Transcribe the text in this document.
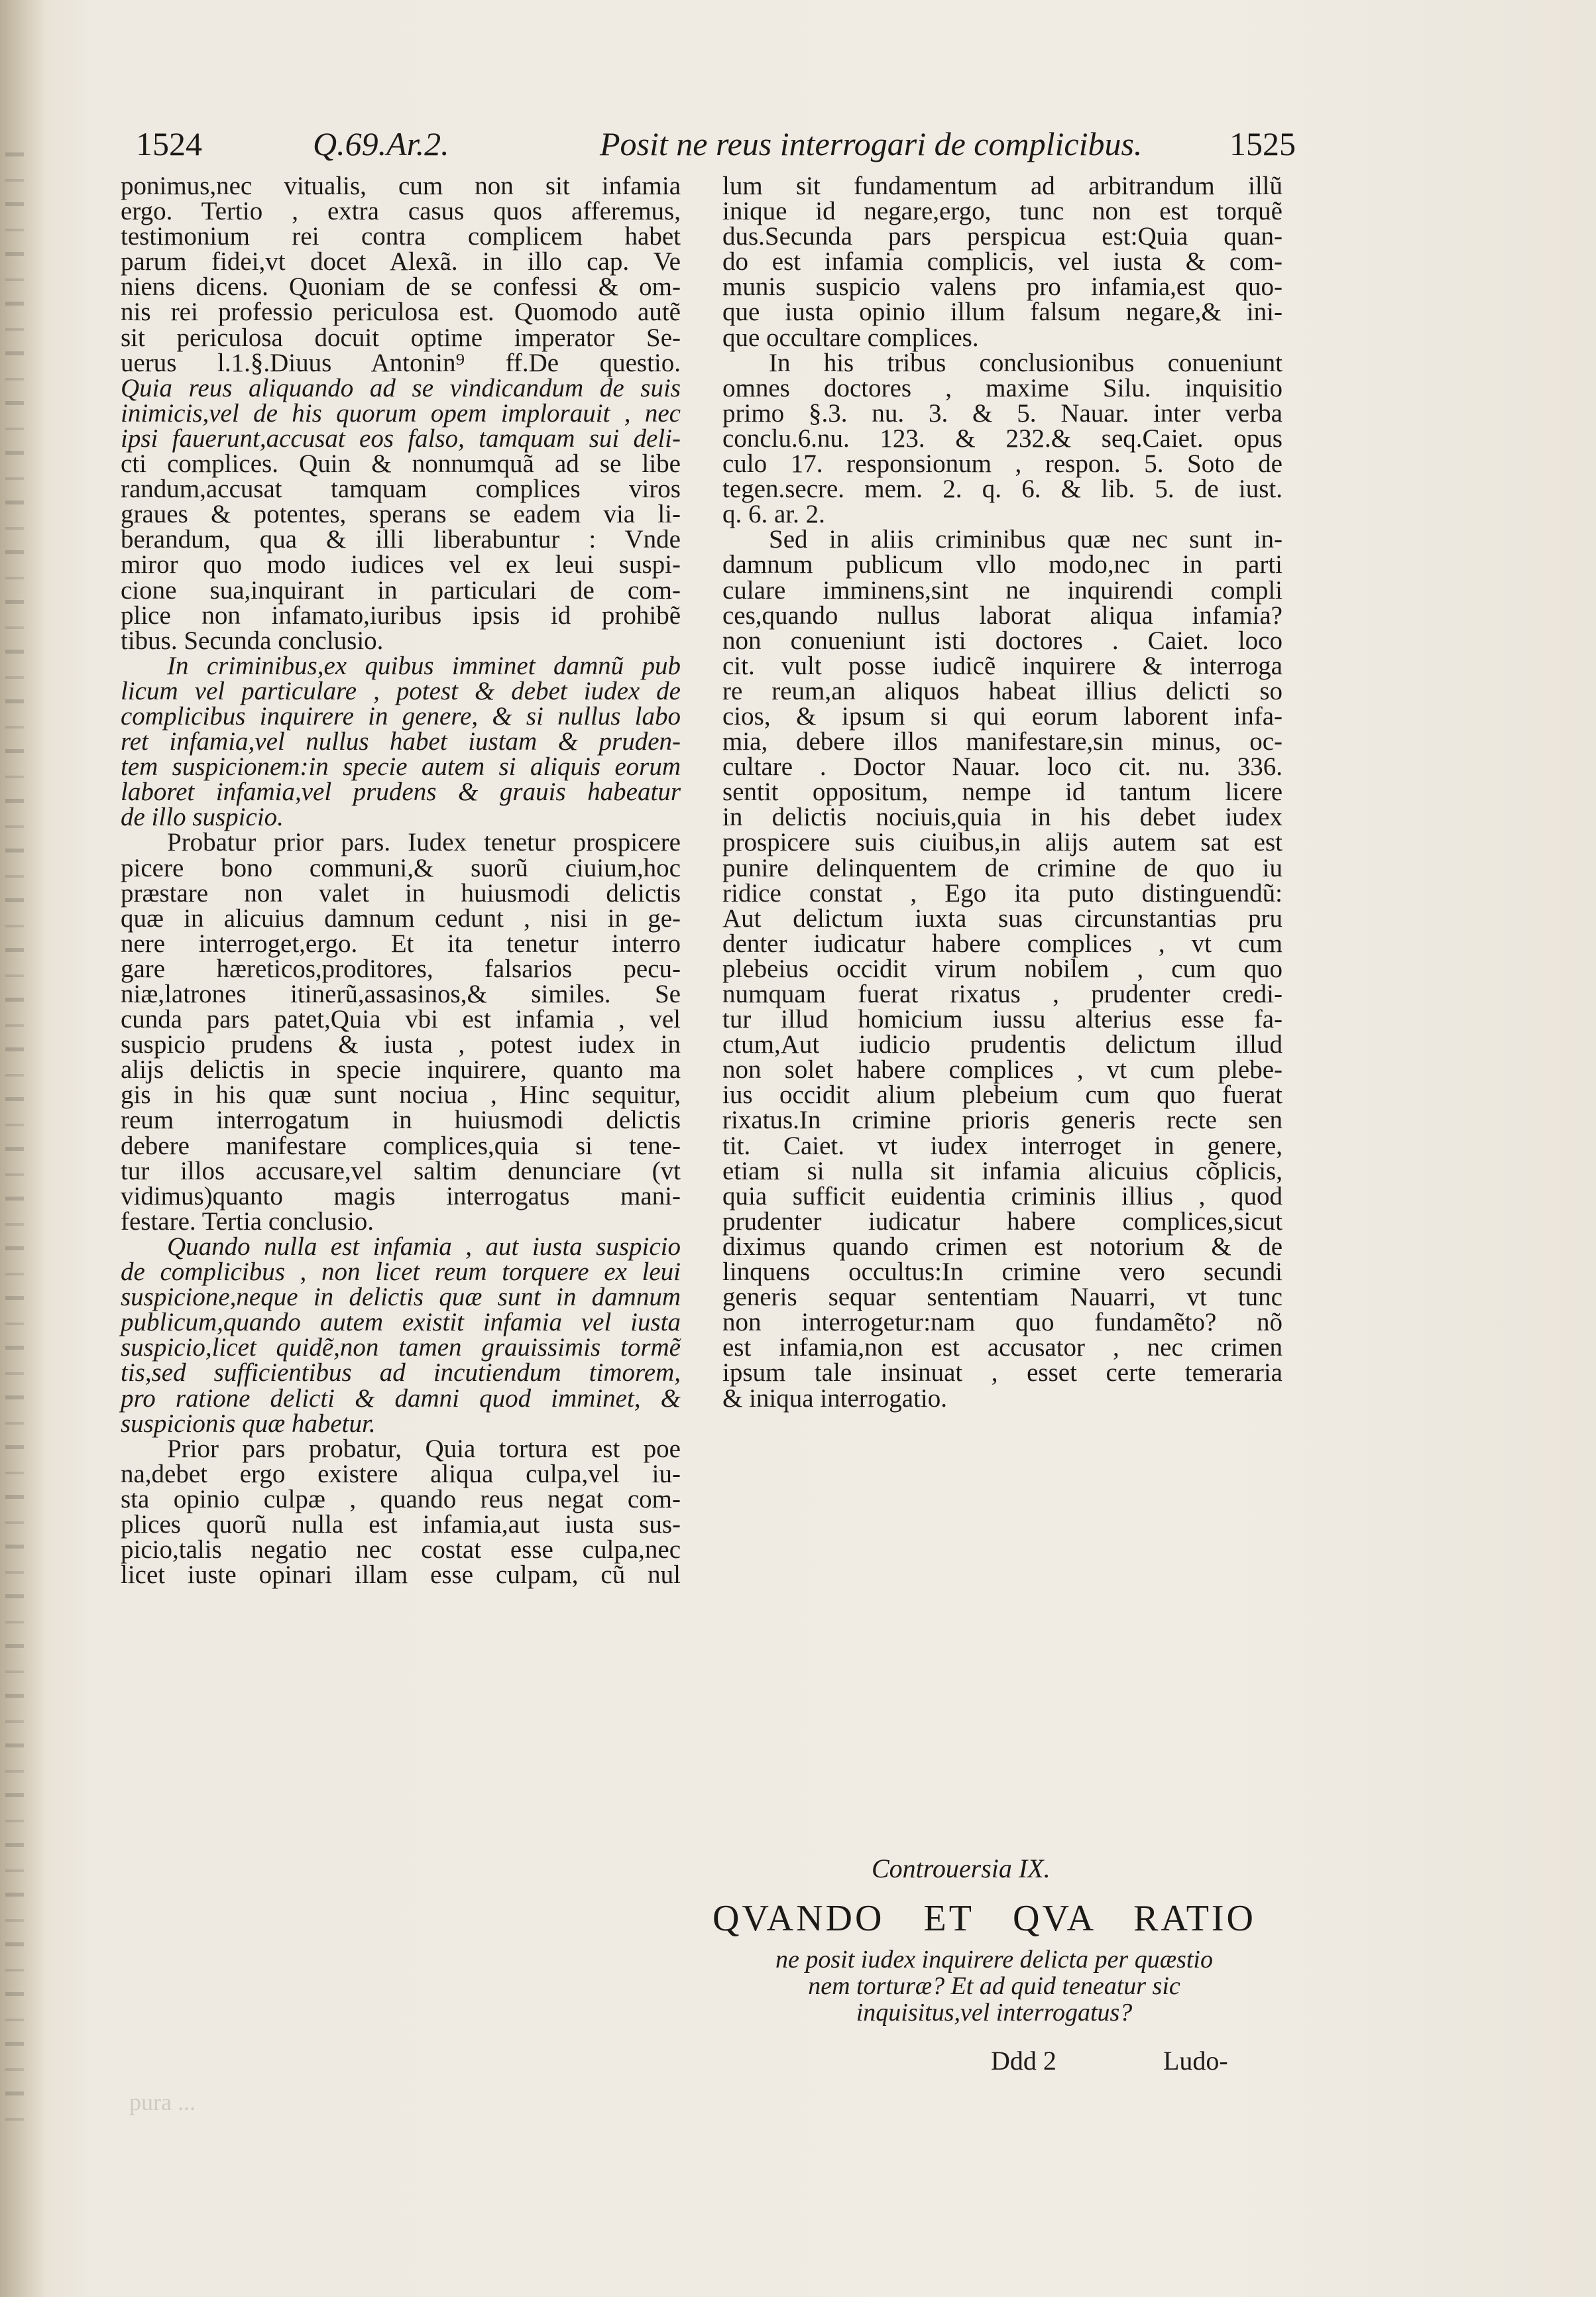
1524	Q.69.Ar.2.	Posit ne reus interrogari de complicibus.	1525
ponimus,nec vitualis, cum non sit infamia
ergo. Tertio , extra casus quos afferemus,
testimonium rei contra complicem habet
parum fidei,vt docet Alexã. in illo cap. Ve
niens dicens. Quoniam de se confessi & om-
nis rei professio periculosa est. Quomodo autẽ
sit periculosa docuit optime imperator Se-
uerus l.1.§.Diuus Antonin⁹ ff.De questio.
Quia reus aliquando ad se vindicandum de suis
inimicis,vel de his quorum opem implorauit , nec
ipsi fauerunt,accusat eos falso, tamquam sui deli-
cti complices. Quin & nonnumquã ad se libe
randum,accusat tamquam complices viros
graues & potentes, sperans se eadem via li-
berandum, qua & illi liberabuntur : Vnde
miror quo modo iudices vel ex leui suspi-
cione sua,inquirant in particulari de com-
plice non infamato,iuribus ipsis id prohibẽ
tibus. Secunda conclusio.
In criminibus,ex quibus imminet damnũ pub
licum vel particulare , potest & debet iudex de
complicibus inquirere in genere, & si nullus labo
ret infamia,vel nullus habet iustam & pruden-
tem suspicionem:in specie autem si aliquis eorum
laboret infamia,vel prudens & grauis habeatur
de illo suspicio.
Probatur prior pars. Iudex tenetur prospicere
picere bono communi,& suorũ ciuium,hoc
præstare non valet in huiusmodi delictis
quæ in alicuius damnum cedunt , nisi in ge-
nere interroget,ergo. Et ita tenetur interro
gare hæreticos,proditores, falsarios pecu-
niæ,latrones itinerũ,assasinos,& similes. Se
cunda pars patet,Quia vbi est infamia , vel
suspicio prudens & iusta , potest iudex in
alijs delictis in specie inquirere, quanto ma
gis in his quæ sunt nociua , Hinc sequitur,
reum interrogatum in huiusmodi delictis
debere manifestare complices,quia si tene-
tur illos accusare,vel saltim denunciare (vt
vidimus)quanto magis interrogatus mani-
festare. Tertia conclusio.
Quando nulla est infamia , aut iusta suspicio
de complicibus , non licet reum torquere ex leui
suspicione,neque in delictis quæ sunt in damnum
publicum,quando autem existit infamia vel iusta
suspicio,licet quidẽ,non tamen grauissimis tormẽ
tis,sed sufficientibus ad incutiendum timorem,
pro ratione delicti & damni quod imminet, &
suspicionis quæ habetur.
Prior pars probatur, Quia tortura est poe
na,debet ergo existere aliqua culpa,vel iu-
sta opinio culpæ , quando reus negat com-
plices quorũ nulla est infamia,aut iusta sus-
picio,talis negatio nec costat esse culpa,nec
licet iuste opinari illam esse culpam, cũ nul
lum sit fundamentum ad arbitrandum illũ
inique id negare,ergo, tunc non est torquẽ
dus.Secunda pars perspicua est:Quia quan-
do est infamia complicis, vel iusta & com-
munis suspicio valens pro infamia,est quo-
que iusta opinio illum falsum negare,& ini-
que occultare complices.
In his tribus conclusionibus conueniunt
omnes doctores , maxime Silu. inquisitio
primo §.3. nu. 3. & 5. Nauar. inter verba
conclu.6.nu. 123. & 232.& seq.Caiet. opus
culo 17. responsionum , respon. 5. Soto de
tegen.secre. mem. 2. q. 6. & lib. 5. de iust.
q. 6. ar. 2.
Sed in aliis criminibus quæ nec sunt in-
damnum publicum vllo modo,nec in parti
culare imminens,sint ne inquirendi compli
ces,quando nullus laborat aliqua infamia?
non conueniunt isti doctores . Caiet. loco
cit. vult posse iudicẽ inquirere & interroga
re reum,an aliquos habeat illius delicti so
cios, & ipsum si qui eorum laborent infa-
mia, debere illos manifestare,sin minus, oc-
cultare . Doctor Nauar. loco cit. nu. 336.
sentit oppositum, nempe id tantum licere
in delictis nociuis,quia in his debet iudex
prospicere suis ciuibus,in alijs autem sat est
punire delinquentem de crimine de quo iu
ridice constat , Ego ita puto distinguendũ:
Aut delictum iuxta suas circunstantias pru
denter iudicatur habere complices , vt cum
plebeius occidit virum nobilem , cum quo
numquam fuerat rixatus , prudenter credi-
tur illud homicium iussu alterius esse fa-
ctum,Aut iudicio prudentis delictum illud
non solet habere complices , vt cum plebe-
ius occidit alium plebeium cum quo fuerat
rixatus.In crimine prioris generis recte sen
tit. Caiet. vt iudex interroget in genere,
etiam si nulla sit infamia alicuius cõplicis,
quia sufficit euidentia criminis illius , quod
prudenter iudicatur habere complices,sicut
diximus quando crimen est notorium & de
linquens occultus:In crimine vero secundi
generis sequar sententiam Nauarri, vt tunc
non interrogetur:nam quo fundamẽto? nõ
est infamia,non est accusator , nec crimen
ipsum tale insinuat , esset certe temeraria
& iniqua interrogatio.
Controuersia IX.
QVANDO ET QVA RATIO
ne posit iudex inquirere delicta per quæstio
nem torturæ? Et ad quid teneatur sic
inquisitus,vel interrogatus?
Ddd 2	Ludo-
pura ...
